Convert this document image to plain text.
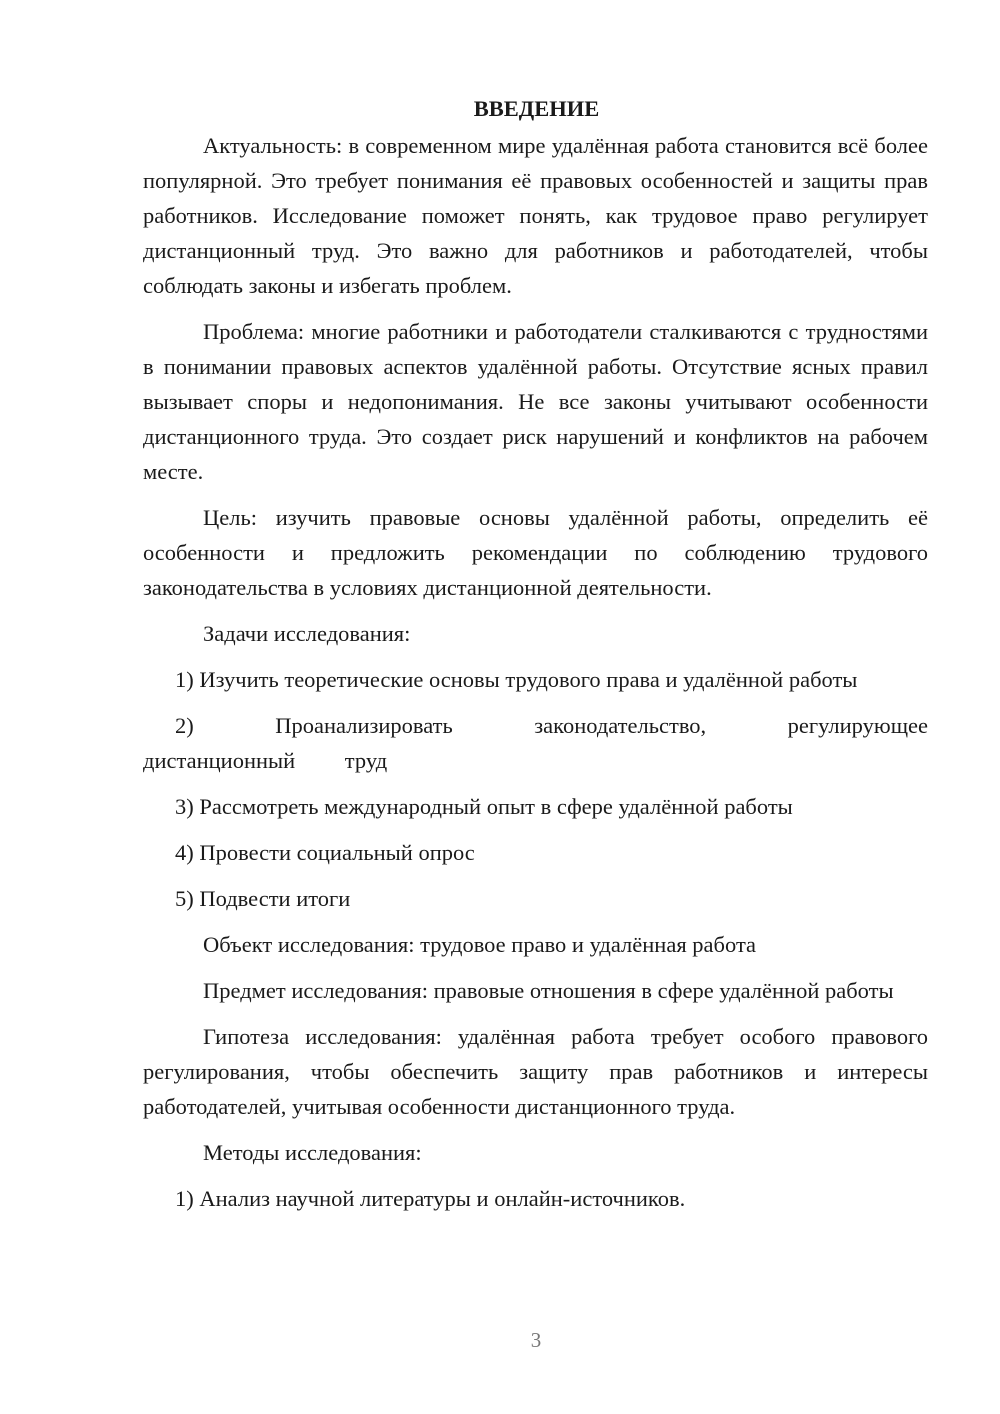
ВВЕДЕНИЕ

Актуальность: в современном мире удалённая работа становится всё более популярной. Это требует понимания её правовых особенностей и защиты прав работников. Исследование поможет понять, как трудовое право регулирует дистанционный труд. Это важно для работников и работодателей, чтобы соблюдать законы и избегать проблем.

Проблема: многие работники и работодатели сталкиваются с трудностями в понимании правовых аспектов удалённой работы. Отсутствие ясных правил вызывает споры и недопонимания. Не все законы учитывают особенности дистанционного труда. Это создает риск нарушений и конфликтов на рабочем месте.

Цель: изучить правовые основы удалённой работы, определить её особенности и предложить рекомендации по соблюдению трудового законодательства в условиях дистанционной деятельности.

Задачи исследования:

1) Изучить теоретические основы трудового права и удалённой работы

2) Проанализировать законодательство, регулирующее дистанционный труд

3) Рассмотреть международный опыт в сфере удалённой работы

4) Провести социальный опрос

5) Подвести итоги

Объект исследования: трудовое право и удалённая работа

Предмет исследования: правовые отношения в сфере удалённой работы

Гипотеза исследования: удалённая работа требует особого правового регулирования, чтобы обеспечить защиту прав работников и интересы работодателей, учитывая особенности дистанционного труда.

Методы исследования:

1) Анализ научной литературы и онлайн-источников.

3
